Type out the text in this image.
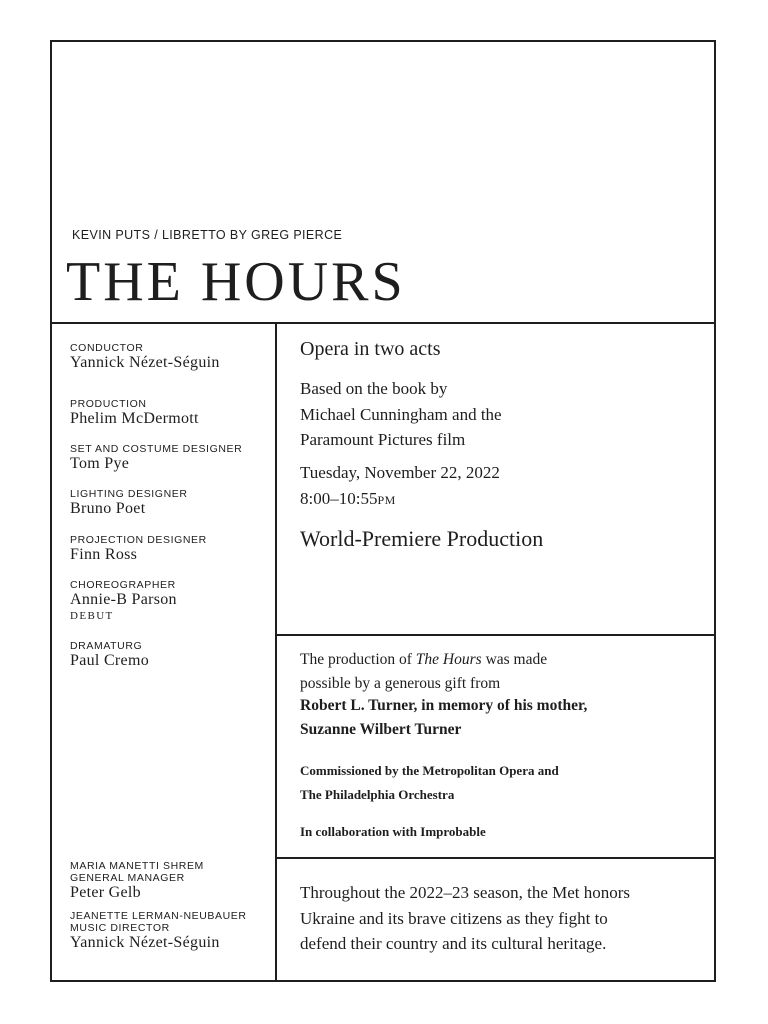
KEVIN PUTS / LIBRETTO BY GREG PIERCE
THE HOURS
CONDUCTOR
Yannick Nézet-Séguin
PRODUCTION
Phelim McDermott
SET AND COSTUME DESIGNER
Tom Pye
LIGHTING DESIGNER
Bruno Poet
PROJECTION DESIGNER
Finn Ross
CHOREOGRAPHER
Annie-B Parson
DEBUT
DRAMATURG
Paul Cremo
MARIA MANETTI SHREM
GENERAL MANAGER
Peter Gelb
JEANETTE LERMAN-NEUBAUER
MUSIC DIRECTOR
Yannick Nézet-Séguin
Opera in two acts
Based on the book by
Michael Cunningham and the
Paramount Pictures film
Tuesday, November 22, 2022
8:00–10:55PM
World-Premiere Production
The production of The Hours was made
possible by a generous gift from
Robert L. Turner, in memory of his mother,
Suzanne Wilbert Turner
Commissioned by the Metropolitan Opera and
The Philadelphia Orchestra
In collaboration with Improbable
Throughout the 2022–23 season, the Met honors
Ukraine and its brave citizens as they fight to
defend their country and its cultural heritage.
